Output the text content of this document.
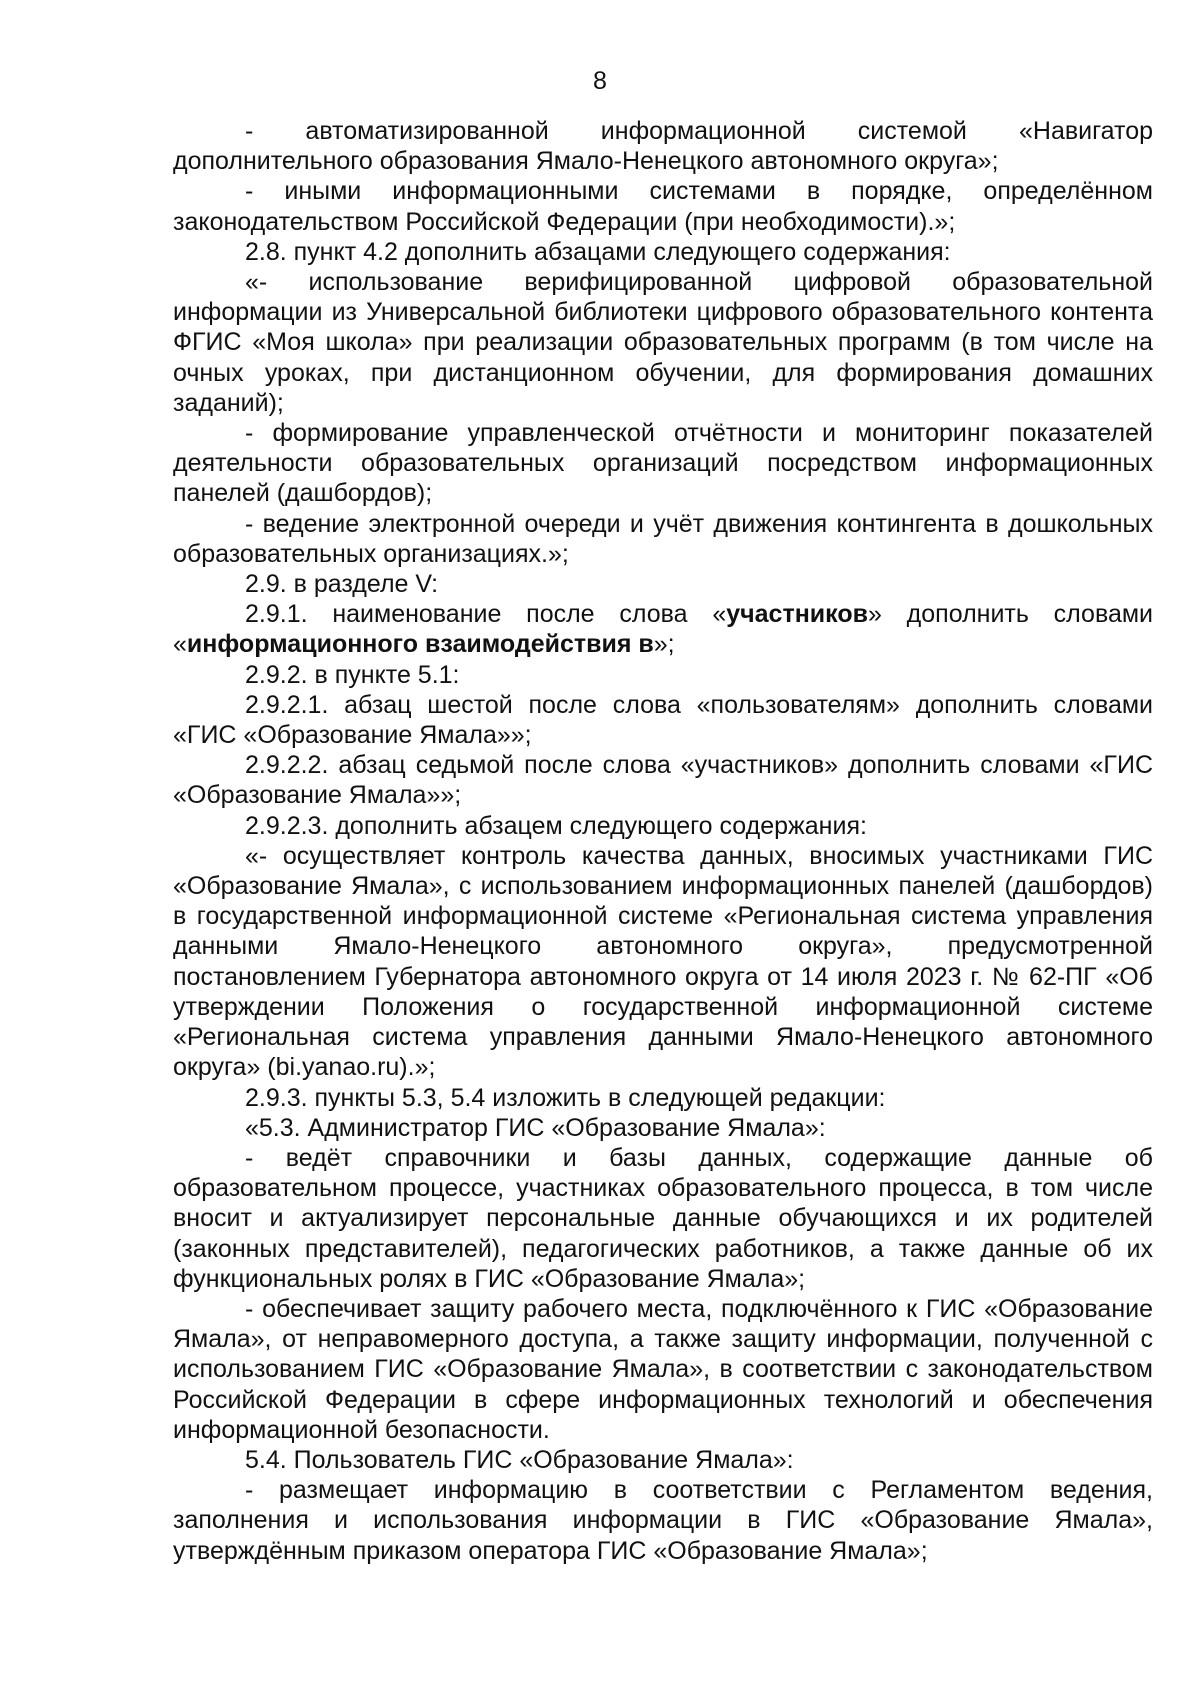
8

- автоматизированной информационной системой «Навигатор дополнительного образования Ямало-Ненецкого автономного округа»;

- иными информационными системами в порядке, определённом законодательством Российской Федерации (при необходимости).»;

2.8. пункт 4.2 дополнить абзацами следующего содержания:

«- использование верифицированной цифровой образовательной информации из Универсальной библиотеки цифрового образовательного контента ФГИС «Моя школа» при реализации образовательных программ (в том числе на очных уроках, при дистанционном обучении, для формирования домашних заданий);

- формирование управленческой отчётности и мониторинг показателей деятельности образовательных организаций посредством информационных панелей (дашбордов);

- ведение электронной очереди и учёт движения контингента в дошкольных образовательных организациях.»;

2.9. в разделе V:

2.9.1. наименование после слова «участников» дополнить словами «информационного взаимодействия в»;

2.9.2. в пункте 5.1:

2.9.2.1. абзац шестой после слова «пользователям» дополнить словами «ГИС «Образование Ямала»»;

2.9.2.2. абзац седьмой после слова «участников» дополнить словами «ГИС «Образование Ямала»»;

2.9.2.3. дополнить абзацем следующего содержания:

«- осуществляет контроль качества данных, вносимых участниками ГИС «Образование Ямала», с использованием информационных панелей (дашбордов) в государственной информационной системе «Региональная система управления данными Ямало-Ненецкого автономного округа», предусмотренной постановлением Губернатора автономного округа от 14 июля 2023 г. № 62-ПГ «Об утверждении Положения о государственной информационной системе «Региональная система управления данными Ямало-Ненецкого автономного округа» (bi.yanao.ru).»;

2.9.3. пункты 5.3, 5.4 изложить в следующей редакции:

«5.3. Администратор ГИС «Образование Ямала»:

- ведёт справочники и базы данных, содержащие данные об образовательном процессе, участниках образовательного процесса, в том числе вносит и актуализирует персональные данные обучающихся и их родителей (законных представителей), педагогических работников, а также данные об их функциональных ролях в ГИС «Образование Ямала»;

- обеспечивает защиту рабочего места, подключённого к ГИС «Образование Ямала», от неправомерного доступа, а также защиту информации, полученной с использованием ГИС «Образование Ямала», в соответствии с законодательством Российской Федерации в сфере информационных технологий и обеспечения информационной безопасности.

5.4. Пользователь ГИС «Образование Ямала»:

- размещает информацию в соответствии с Регламентом ведения, заполнения и использования информации в ГИС «Образование Ямала», утверждённым приказом оператора ГИС «Образование Ямала»;
